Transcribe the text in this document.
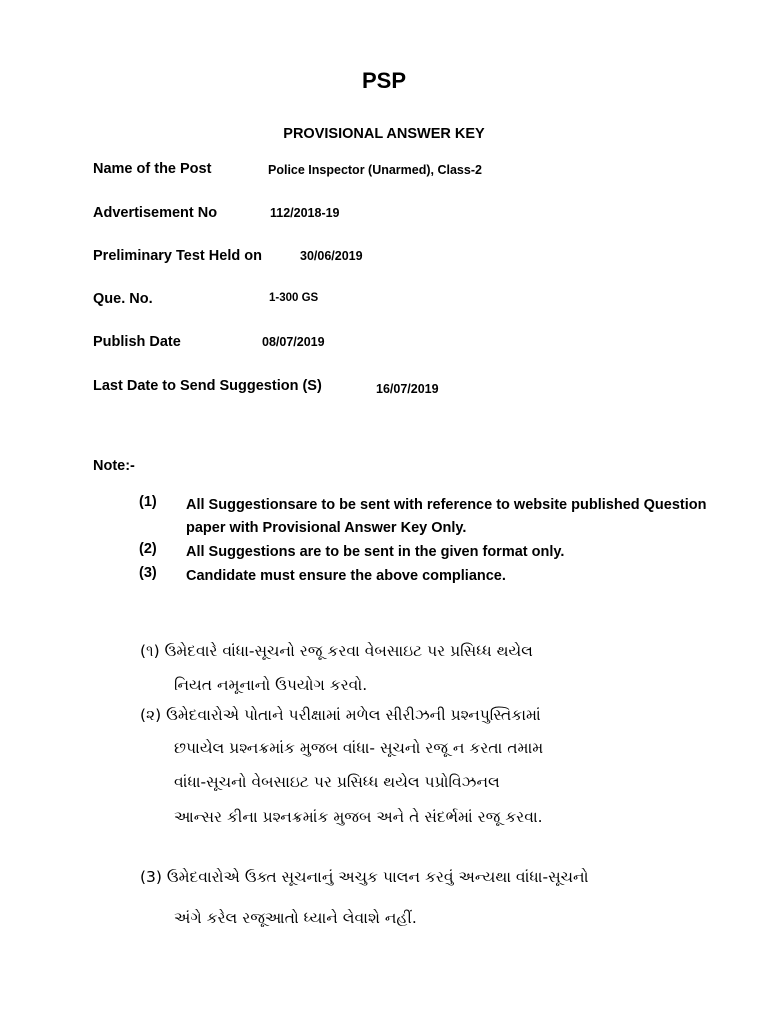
PSP
PROVISIONAL ANSWER KEY
Name of the Post	Police Inspector (Unarmed), Class-2
Advertisement No	112/2018-19
Preliminary Test Held on	30/06/2019
Que. No.	1-300 GS
Publish Date	08/07/2019
Last Date to Send Suggestion (S)	16/07/2019
Note:-
(1) All Suggestionsare to be sent with reference to website published Question paper with Provisional Answer Key Only.
(2) All Suggestions are to be sent in the given format only.
(3) Candidate must ensure the above compliance.
(૧) ઉમેદવારે વાંધા-સૂચનો રજૂ કરવા વેબસાઇટ પર પ્રસિધ્ધ થયેલ
નિયત નમૂનાનો ઉપયોગ કરવો.
(૨) ઉમેદવારોએ પોતાને પરીક્ષામાં મળેલ સીરીઝની પ્રશ્નપુસ્તિકામાં
છપાયેલ પ્રશ્નક્રમાંક મુજબ વાંધા- સૂચનો રજૂ ન કરતા તમામ
વાંધા-સૂચનો વેબસાઇટ પર પ્રસિધ્ધ થયેલ પપ્રોવિઝનલ
આન્સર કીના પ્રશ્નક્રમાંક મુજબ અને તે સંદર્ભમાં રજૂ કરવા.
(3) ઉમેદવારોએ ઉક્ત સૂચનાનું અચુક પાલન કરવું અન્યથા વાંધા-સૂચનો
અંગે કરેલ રજૂઆતો ધ્યાને લેવાશે નહીં.
